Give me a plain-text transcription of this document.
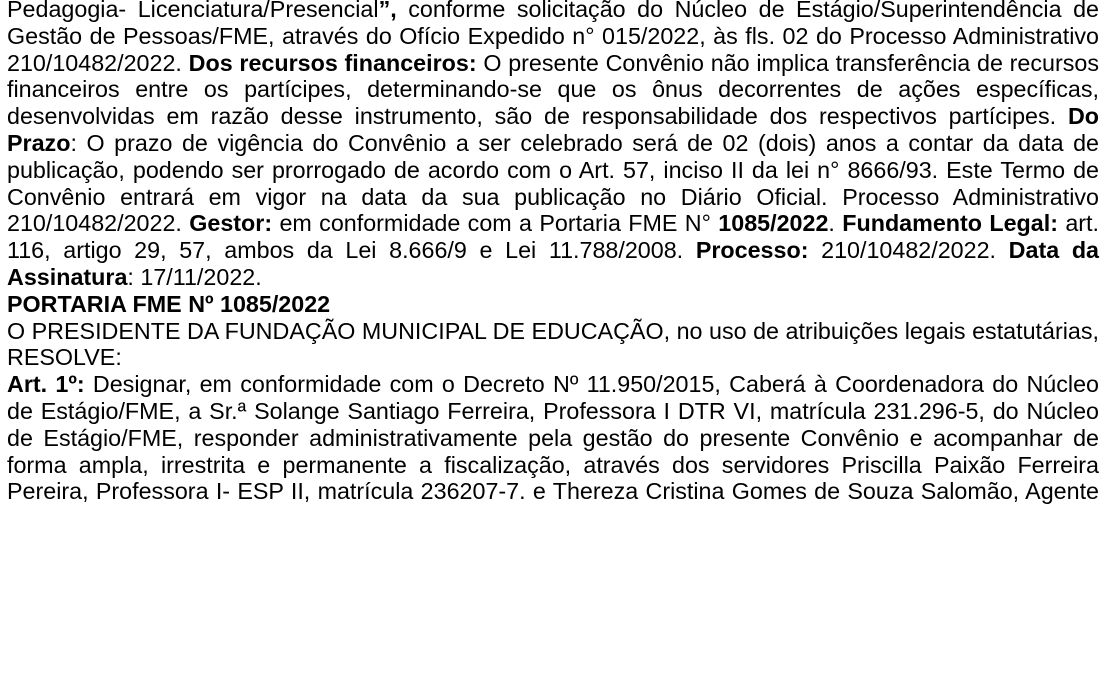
Pedagogia- Licenciatura/Presencial”, conforme solicitação do Núcleo de Estágio/Superintendência de Gestão de Pessoas/FME, através do Ofício Expedido n° 015/2022, às fls. 02 do Processo Administrativo 210/10482/2022. Dos recursos financeiros: O presente Convênio não implica transferência de recursos financeiros entre os partícipes, determinando-se que os ônus decorrentes de ações específicas, desenvolvidas em razão desse instrumento, são de responsabilidade dos respectivos partícipes. Do Prazo: O prazo de vigência do Convênio a ser celebrado será de 02 (dois) anos a contar da data de publicação, podendo ser prorrogado de acordo com o Art. 57, inciso II da lei n° 8666/93. Este Termo de Convênio entrará em vigor na data da sua publicação no Diário Oficial. Processo Administrativo 210/10482/2022. Gestor: em conformidade com a Portaria FME N° 1085/2022. Fundamento Legal: art. 116, artigo 29, 57, ambos da Lei 8.666/9 e Lei 11.788/2008. Processo: 210/10482/2022. Data da Assinatura: 17/11/2022.

PORTARIA FME Nº 1085/2022

O PRESIDENTE DA FUNDAÇÃO MUNICIPAL DE EDUCAÇÃO, no uso de atribuições legais estatutárias, RESOLVE:

Art. 1º: Designar, em conformidade com o Decreto Nº 11.950/2015, Caberá à Coordenadora do Núcleo de Estágio/FME, a Sr.ª Solange Santiago Ferreira, Professora I DTR VI, matrícula 231.296-5, do Núcleo de Estágio/FME, responder administrativamente pela gestão do presente Convênio e acompanhar de forma ampla, irrestrita e permanente a fiscalização, através dos servidores Priscilla Paixão Ferreira Pereira, Professora I- ESP II, matrícula 236207-7. e Thereza Cristina Gomes de Souza Salomão, Agente
